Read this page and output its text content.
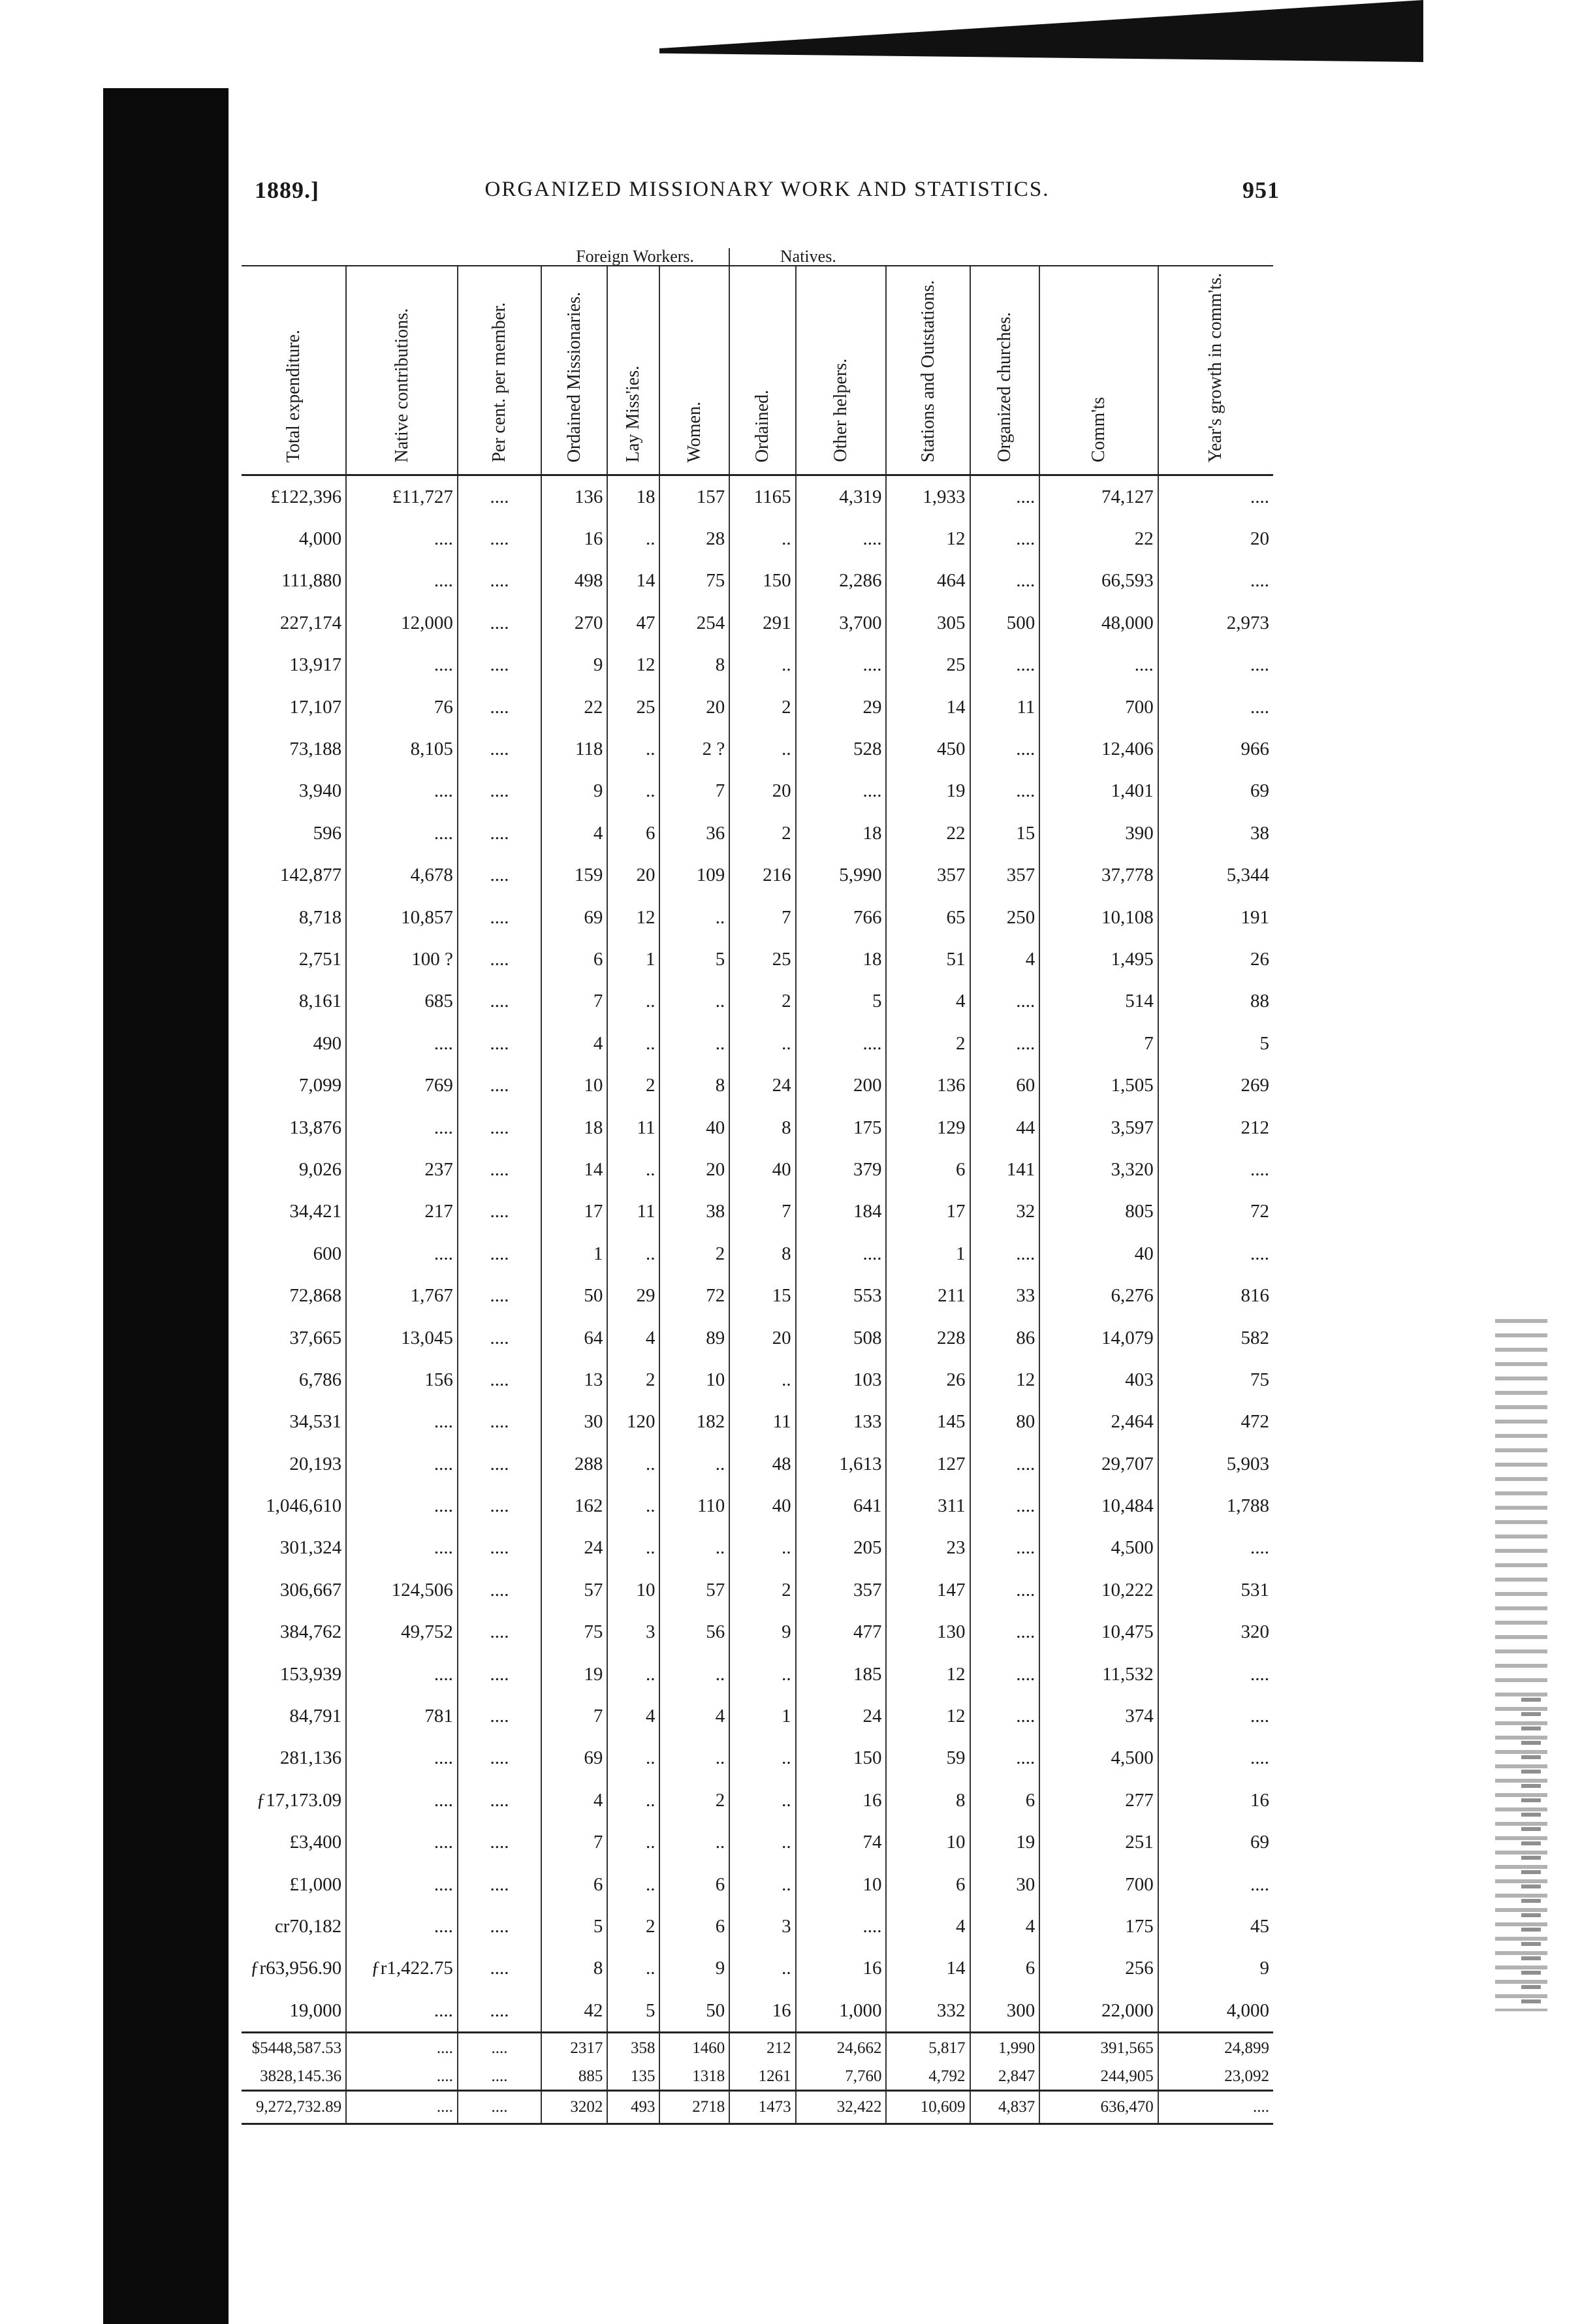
1889.]	ORGANIZED MISSIONARY WORK AND STATISTICS.	951
			Foreign Workers.			Natives.					

Total expenditure.	Native contributions.	Per cent. per member.	Ordained Missionaries.	Lay Miss'ies.	Women.	Ordained.	Other helpers.	Stations and Outstations.	Organized churches.	Comm'ts	Year's growth in comm'ts.

£122,396	£11,727	....	136	18	157	1165	4,319	1,933	....	74,127	....
4,000	....	....	16	..	28	..	....	12	....	22	20
111,880	....	....	498	14	75	150	2,286	464	....	66,593	....
227,174	12,000	....	270	47	254	291	3,700	305	500	48,000	2,973
13,917	....	....	9	12	8	..	....	25	....	....	....
17,107	76	....	22	25	20	2	29	14	11	700	....
73,188	8,105	....	118	..	2 ?	..	528	450	....	12,406	966
3,940	....	....	9	..	7	20	....	19	....	1,401	69
596	....	....	4	6	36	2	18	22	15	390	38
142,877	4,678	....	159	20	109	216	5,990	357	357	37,778	5,344
8,718	10,857	....	69	12	..	7	766	65	250	10,108	191
2,751	100 ?	....	6	1	5	25	18	51	4	1,495	26
8,161	685	....	7	..	..	2	5	4	....	514	88
490	....	....	4	..	..	..	....	2	....	7	5
7,099	769	....	10	2	8	24	200	136	60	1,505	269
13,876	....	....	18	11	40	8	175	129	44	3,597	212
9,026	237	....	14	..	20	40	379	6	141	3,320	....
34,421	217	....	17	11	38	7	184	17	32	805	72
600	....	....	1	..	2	8	....	1	....	40	....
72,868	1,767	....	50	29	72	15	553	211	33	6,276	816
37,665	13,045	....	64	4	89	20	508	228	86	14,079	582
6,786	156	....	13	2	10	..	103	26	12	403	75
34,531	....	....	30	120	182	11	133	145	80	2,464	472
20,193	....	....	288	..	..	48	1,613	127	....	29,707	5,903
1,046,610	....	....	162	..	110	40	641	311	....	10,484	1,788
301,324	....	....	24	..	..	..	205	23	....	4,500	....
306,667	124,506	....	57	10	57	2	357	147	....	10,222	531
384,762	49,752	....	75	3	56	9	477	130	....	10,475	320
153,939	....	....	19	..	..	..	185	12	....	11,532	....
84,791	781	....	7	4	4	1	24	12	....	374	....
281,136	....	....	69	..	..	..	150	59	....	4,500	....
ƒ17,173.09	....	....	4	..	2	..	16	8	6	277	16
£3,400	....	....	7	..	..	..	74	10	19	251	69
£1,000	....	....	6	..	6	..	10	6	30	700	....
cr70,182	....	....	5	2	6	3	....	4	4	175	45
ƒr63,956.90	ƒr1,422.75	....	8	..	9	..	16	14	6	256	9
19,000	....	....	42	5	50	16	1,000	332	300	22,000	4,000
$5448,587.53	....	....	2317	358	1460	212	24,662	5,817	1,990	391,565	24,899
3828,145.36	....	....	885	135	1318	1261	7,760	4,792	2,847	244,905	23,092
9,272,732.89	....	....	3202	493	2718	1473	32,422	10,609	4,837	636,470	....
